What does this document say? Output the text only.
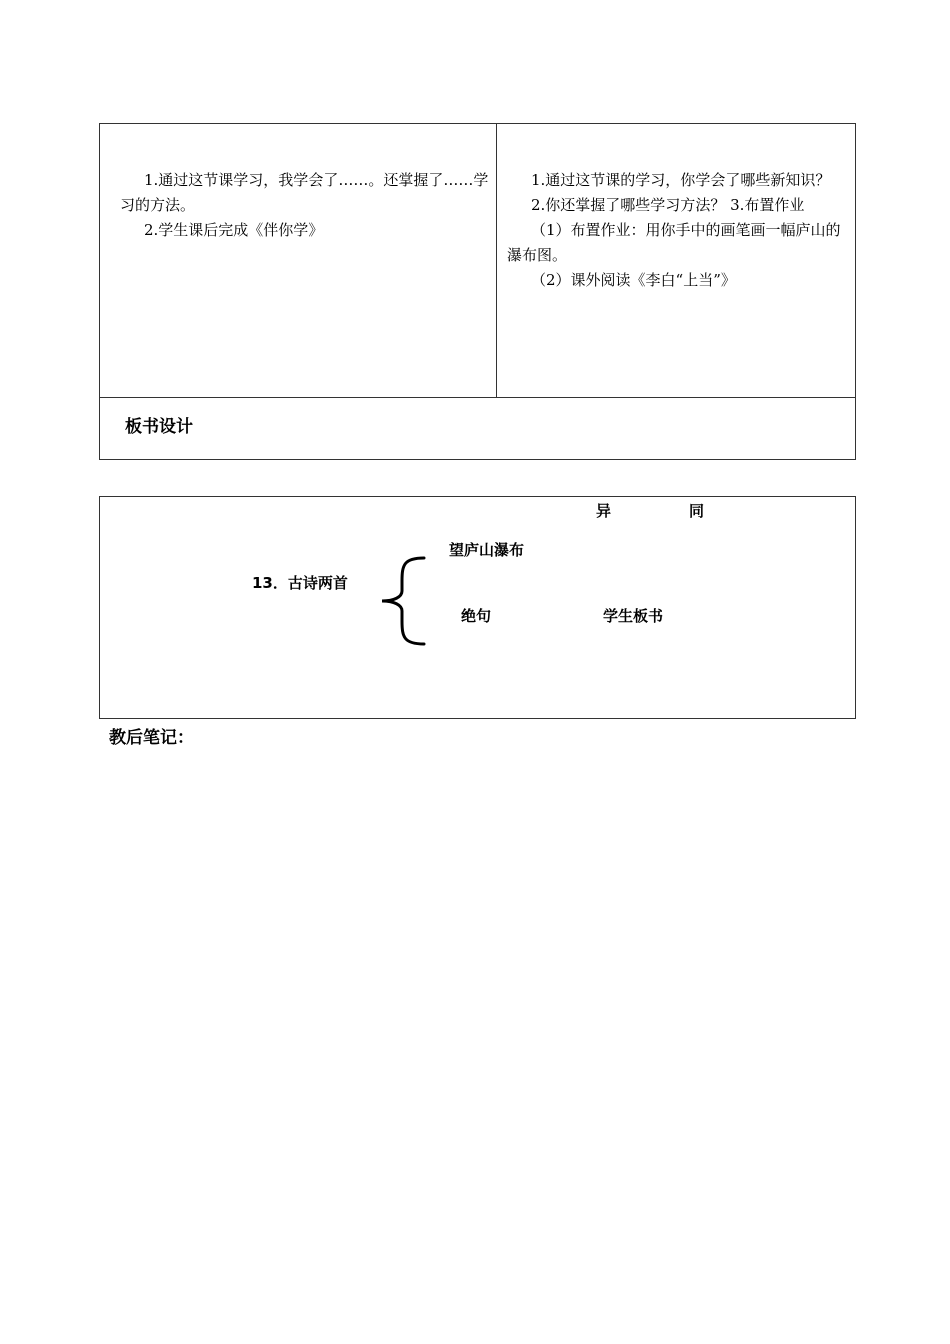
1.通过这节课学习，我学会了……。还掌握了……学习的方法。
2.学生课后完成《伴你学》
1.通过这节课的学习，你学会了哪些新知识？
2.你还掌握了哪些学习方法？ 3.布置作业
（1）布置作业：用你手中的画笔画一幅庐山的瀑布图。
（2）课外阅读《李白“上当”》
板书设计
异	同
望庐山瀑布
13．古诗两首
绝句	学生板书
教后笔记：
